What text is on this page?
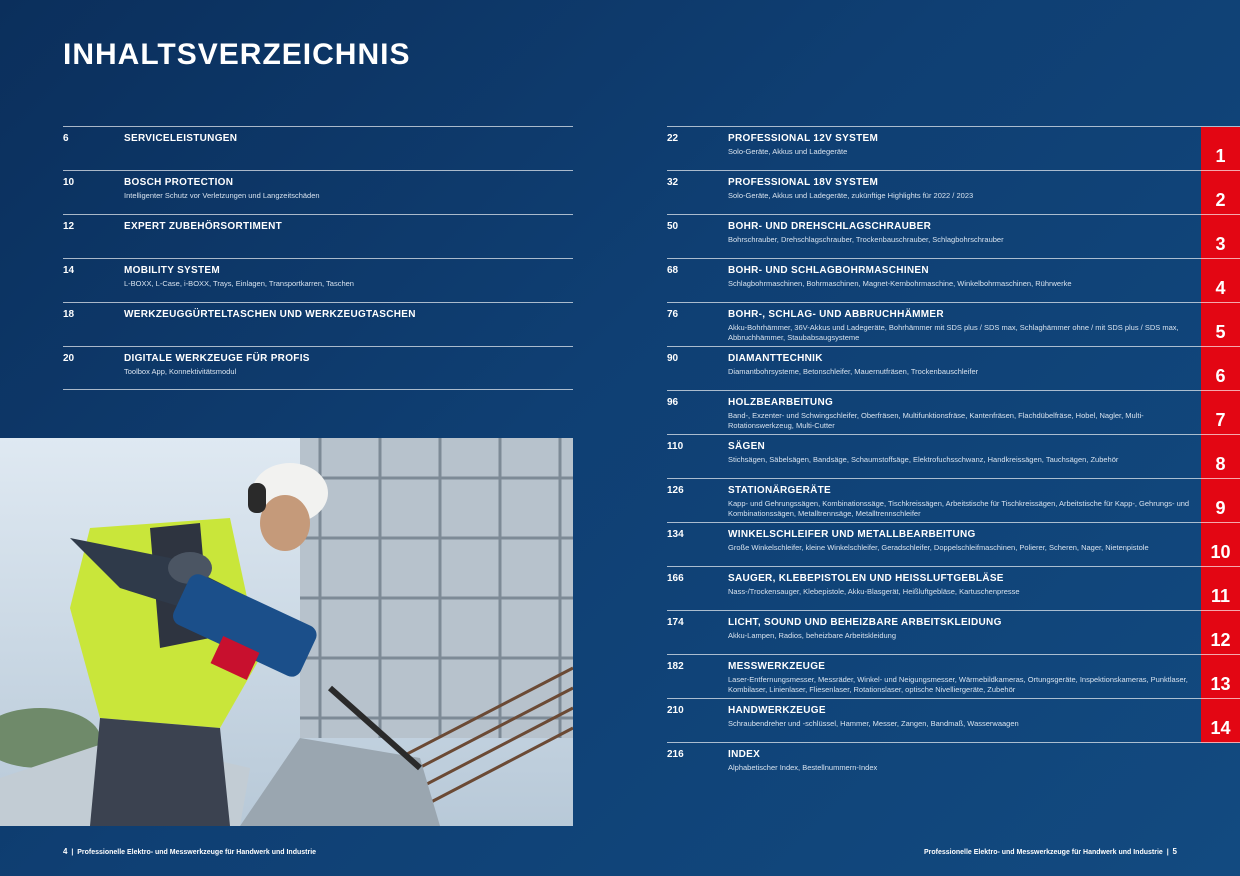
INHALTSVERZEICHNIS
6	SERVICELEISTUNGEN
10	BOSCH PROTECTION
Intelligenter Schutz vor Verletzungen und Langzeitschäden
12	EXPERT ZUBEHÖRSORTIMENT
14	MOBILITY SYSTEM
L-BOXX, L-Case, i-BOXX, Trays, Einlagen, Transportkarren, Taschen
18	WERKZEUGGÜRTELTASCHEN UND WERKZEUGTASCHEN
20	DIGITALE WERKZEUGE FÜR PROFIS
Toolbox App, Konnektivitätsmodul
22	PROFESSIONAL 12V SYSTEM
Solo-Geräte, Akkus und Ladegeräte	1
32	PROFESSIONAL 18V SYSTEM
Solo-Geräte, Akkus und Ladegeräte, zukünftige Highlights für 2022 / 2023	2
50	BOHR- UND DREHSCHLAGSCHRAUBER
Bohrschrauber, Drehschlagschrauber, Trockenbauschrauber, Schlagbohrschrauber	3
68	BOHR- UND SCHLAGBOHRMASCHINEN
Schlagbohrmaschinen, Bohrmaschinen, Magnet-Kernbohrmaschine, Winkelbohrmaschinen, Rührwerke	4
76	BOHR-, SCHLAG- UND ABBRUCHHÄMMER
Akku-Bohrhämmer, 36V-Akkus und Ladegeräte, Bohrhämmer mit SDS plus / SDS max, Schlaghämmer ohne / mit SDS plus / SDS max, Abbruchhämmer, Staubabsaugsysteme	5
90	DIAMANTTECHNIK
Diamantbohrsysteme, Betonschleifer, Mauernutfräsen, Trockenbauschleifer	6
96	HOLZBEARBEITUNG
Band-, Exzenter- und Schwingschleifer, Oberfräsen, Multifunktionsfräse, Kantenfräsen, Flachdübelfräse, Hobel, Nagler, Multi-Rotationswerkzeug, Multi-Cutter	7
110	SÄGEN
Stichsägen, Säbelsägen, Bandsäge, Schaumstoffsäge, Elektrofuchsschwanz, Handkreissägen, Tauchsägen, Zubehör	8
126	STATIONÄRGERÄTE
Kapp- und Gehrungssägen, Kombinationssäge, Tischkreissägen, Arbeitstische für Tischkreissägen, Arbeitstische für Kapp-, Gehrungs- und Kombinationssägen, Metalltrennsäge, Metalltrennschleifer	9
134	WINKELSCHLEIFER UND METALLBEARBEITUNG
Große Winkelschleifer, kleine Winkelschleifer, Geradschleifer, Doppelschleifmaschinen, Polierer, Scheren, Nager, Nietenpistole	10
166	SAUGER, KLEBEPISTOLEN UND HEISSLUFTGEBLÄSE
Nass-/Trockensauger, Klebepistole, Akku-Blasgerät, Heißluftgebläse, Kartuschenpresse	11
174	LICHT, SOUND UND BEHEIZBARE ARBEITSKLEIDUNG
Akku-Lampen, Radios, beheizbare Arbeitskleidung	12
182	MESSWERKZEUGE
Laser-Entfernungsmesser, Messräder, Winkel- und Neigungsmesser, Wärmebildkameras, Ortungsgeräte, Inspektionskameras, Punktlaser, Kombilaser, Linienlaser, Fliesenlaser, Rotationslaser, optische Nivelliergeräte, Zubehör	13
210	HANDWERKZEUGE
Schraubendreher und -schlüssel, Hammer, Messer, Zangen, Bandmaß, Wasserwaagen	14
216	INDEX
Alphabetischer Index, Bestellnummern-Index
4 | Professionelle Elektro- und Messwerkzeuge für Handwerk und Industrie	Professionelle Elektro- und Messwerkzeuge für Handwerk und Industrie | 5
